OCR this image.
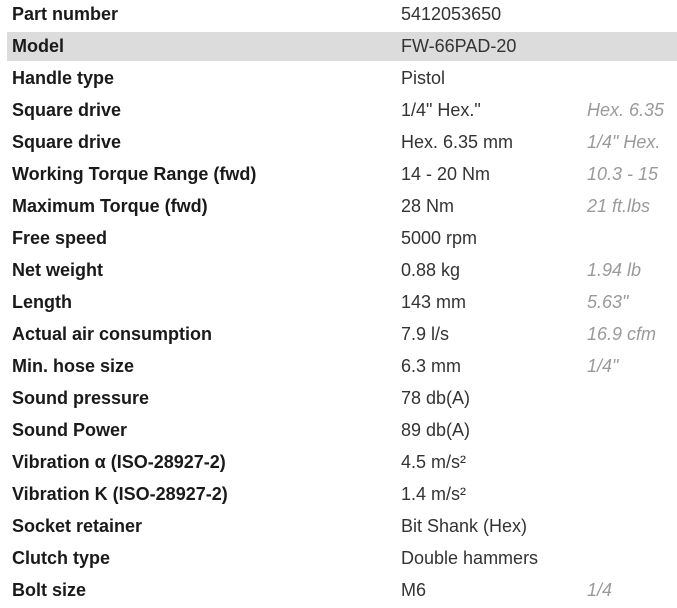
Part number	5412053650
Model	FW-66PAD-20
Handle type	Pistol
Square drive	1/4" Hex."	Hex. 6.35
Square drive	Hex. 6.35 mm	1/4" Hex.
Working Torque Range (fwd)	14 - 20 Nm	10.3 - 15
Maximum Torque (fwd)	28 Nm	21 ft.lbs
Free speed	5000 rpm
Net weight	0.88 kg	1.94 lb
Length	143 mm	5.63"
Actual air consumption	7.9 l/s	16.9 cfm
Min. hose size	6.3 mm	1/4"
Sound pressure	78 db(A)
Sound Power	89 db(A)
Vibration α (ISO-28927-2)	4.5 m/s²
Vibration K (ISO-28927-2)	1.4 m/s²
Socket retainer	Bit Shank (Hex)
Clutch type	Double hammers
Bolt size	M6	1/4
